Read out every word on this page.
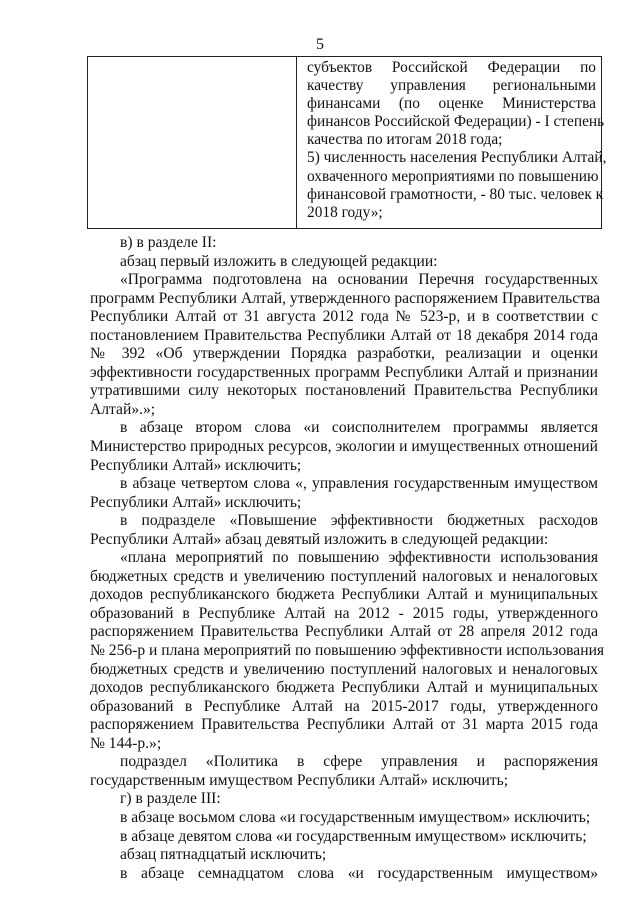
5

субъектов Российской Федерации по
качеству управления региональными
финансами (по оценке Министерства
финансов Российской Федерации) - I степень
качества по итогам 2018 года;
5) численность населения Республики Алтай,
охваченного мероприятиями по повышению
финансовой грамотности, - 80 тыс. человек к
2018 году»;
в) в разделе II:
абзац первый изложить в следующей редакции:
«Программа подготовлена на основании Перечня государственных
программ Республики Алтай, утвержденного распоряжением Правительства
Республики Алтай от 31 августа 2012 года № 523-р, и в соответствии с
постановлением Правительства Республики Алтай от 18 декабря 2014 года
№ 392 «Об утверждении Порядка разработки, реализации и оценки
эффективности государственных программ Республики Алтай и признании
утратившими силу некоторых постановлений Правительства Республики
Алтай».»;
в абзаце втором слова «и соисполнителем программы является
Министерство природных ресурсов, экологии и имущественных отношений
Республики Алтай» исключить;
в абзаце четвертом слова «, управления государственным имуществом
Республики Алтай» исключить;
в подразделе «Повышение эффективности бюджетных расходов
Республики Алтай» абзац девятый изложить в следующей редакции:
«плана мероприятий по повышению эффективности использования
бюджетных средств и увеличению поступлений налоговых и неналоговых
доходов республиканского бюджета Республики Алтай и муниципальных
образований в Республике Алтай на 2012 - 2015 годы, утвержденного
распоряжением Правительства Республики Алтай от 28 апреля 2012 года
№ 256-р и плана мероприятий по повышению эффективности использования
бюджетных средств и увеличению поступлений налоговых и неналоговых
доходов республиканского бюджета Республики Алтай и муниципальных
образований в Республике Алтай на 2015-2017 годы, утвержденного
распоряжением Правительства Республики Алтай от 31 марта 2015 года
№ 144-р.»;
подраздел «Политика в сфере управления и распоряжения
государственным имуществом Республики Алтай» исключить;
г) в разделе III:
в абзаце восьмом слова «и государственным имуществом» исключить;
в абзаце девятом слова «и государственным имуществом» исключить;
абзац пятнадцатый исключить;
в абзаце семнадцатом слова «и государственным имуществом»
